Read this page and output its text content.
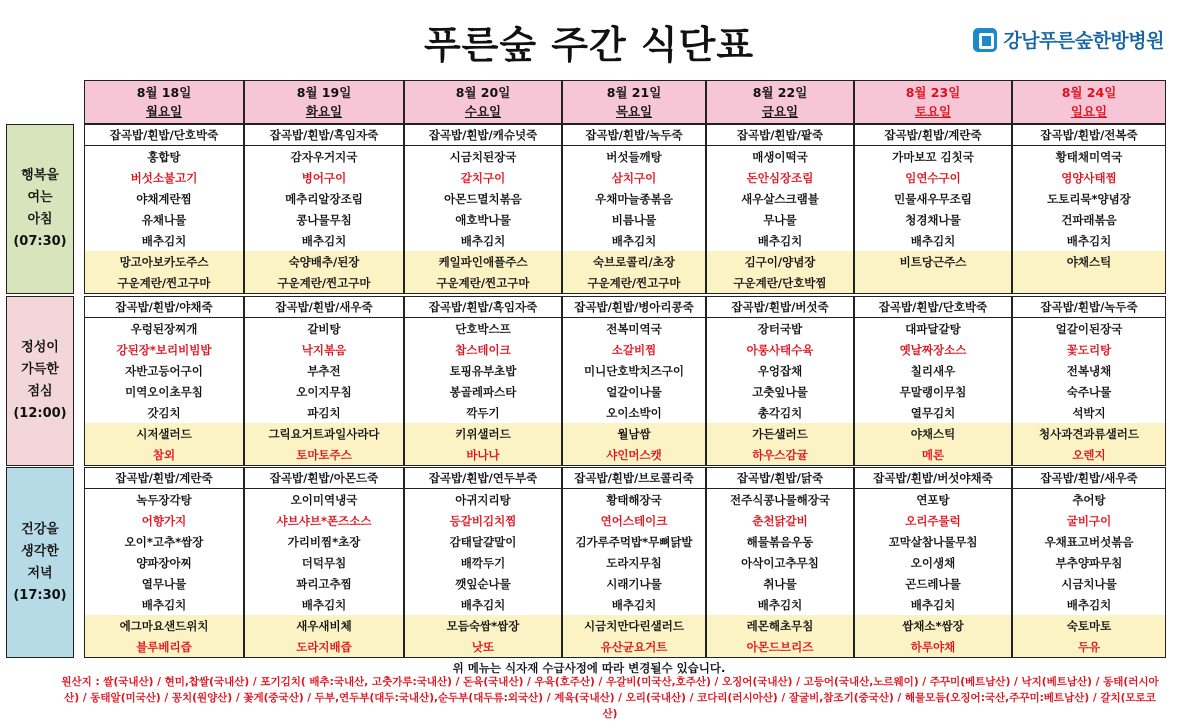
푸른숲 주간 식단표	강남푸른숲한방병원
행복을
여는
아침
(07:30)
정성이
가득한
점심
(12:00)
건강을
생각한
저녁
(17:30)
8월 18일
월요일
잡곡밥/흰밥/단호박죽
홍합탕
버섯소불고기
야채계란찜
유채나물
배추김치
망고아보카도주스
구운계란/찐고구마
잡곡밥/흰밥/야채죽
우렁된장찌개
강된장*보리비빔밥
자반고등어구이
미역오이초무침
갓김치
시저샐러드
참외
잡곡밥/흰밥/계란죽
녹두장각탕
어향가지
오이*고추*쌈장
양파장아찌
열무나물
배추김치
에그마요샌드위치
블루베리즙
8월 19일
화요일
잡곡밥/흰밥/흑임자죽
감자우거지국
병어구이
메추리알장조림
콩나물무침
배추김치
숙양배추/된장
구운계란/찐고구마
잡곡밥/흰밥/새우죽
갈비탕
낙지볶음
부추전
오이지무침
파김치
그릭요거트과일사라다
토마토주스
잡곡밥/흰밥/아몬드죽
오이미역냉국
샤브샤브*폰즈소스
가리비찜*초장
더덕무침
꽈리고추찜
배추김치
새우새비체
도라지배즙
8월 20일
수요일
잡곡밥/흰밥/캐슈넛죽
시금치된장국
갈치구이
아몬드멸치볶음
애호박나물
배추김치
케일파인애플주스
구운계란/찐고구마
잡곡밥/흰밥/흑임자죽
단호박스프
찹스테이크
토핑유부초밥
봉골레파스타
깍두기
키위샐러드
바나나
잡곡밥/흰밥/연두부죽
아귀지리탕
등갈비김치찜
감태달걀말이
배깍두기
깻잎순나물
배추김치
모듬숙쌈*쌈장
낫또
8월 21일
목요일
잡곡밥/흰밥/녹두죽
버섯들깨탕
삼치구이
우채마늘종볶음
비름나물
배추김치
숙브로콜리/초장
구운계란/찐고구마
잡곡밥/흰밥/병아리콩죽
전복미역국
소갈비찜
미니단호박치즈구이
얼갈이나물
오이소박이
월남쌈
샤인머스캣
잡곡밥/흰밥/브로콜리죽
황태해장국
연어스테이크
김가루주먹밥*무뼈닭발
도라지무침
시래기나물
배추김치
시금치만다린샐러드
유산균요거트
8월 22일
금요일
잡곡밥/흰밥/팥죽
매생이떡국
돈안심장조림
새우살스크램블
무나물
배추김치
김구이/양념장
구운계란/단호박찜
잡곡밥/흰밥/버섯죽
장터국밥
아롱사태수육
우엉잡채
고춧잎나물
총각김치
가든샐러드
하우스감귤
잡곡밥/흰밥/닭죽
전주식콩나물해장국
춘천닭갈비
해물볶음우동
아삭이고추무침
취나물
배추김치
레몬해초무침
아몬드브리즈
8월 23일
토요일
잡곡밥/흰밥/계란죽
가마보꼬 김칫국
임연수구이
민물새우무조림
청경채나물
배추김치
비트당근주스
잡곡밥/흰밥/단호박죽
대파달갈탕
옛날짜장소스
칠리새우
무말랭이무침
열무김치
야채스틱
메론
잡곡밥/흰밥/버섯야채죽
연포탕
오리주물럭
꼬막살참나물무침
오이생채
곤드레나물
배추김치
쌈채소*쌈장
하루야채
8월 24일
일요일
잡곡밥/흰밥/전복죽
황태채미역국
영양사태찜
도토리묵*양념장
건파래볶음
배추김치
야채스틱
잡곡밥/흰밥/녹두죽
얼갈이된장국
꽃도리탕
전복냉채
숙주나물
석박지
청사과견과류샐러드
오렌지
잡곡밥/흰밥/새우죽
추어탕
굴비구이
우채표고버섯볶음
부추양파무침
시금치나물
배추김치
숙토마토
두유
위 메뉴는 식자재 수급사정에 따라 변경될수 있습니다.
원산지 : 쌀(국내산) / 현미,찹쌀(국내산) / 포기김치( 배추:국내산, 고춧가루:국내산) / 돈육(국내산) / 우육(호주산) / 우갈비(미국산,호주산) / 오징어(국내산) / 고등어(국내산,노르웨이) / 주꾸미(베트남산) / 낙지(베트남산) / 동태(러시아산) / 동태알(미국산) / 꽁치(원양산) / 꽃게(중국산) / 두부,연두부(대두:국내산),순두부(대두류:외국산) / 계육(국내산) / 오리(국내산) / 코다리(러시아산) / 잘굴비,참조기(중국산) / 해물모듬(오징어:국산,주꾸미:베트남산) / 갈치(모로코산)
